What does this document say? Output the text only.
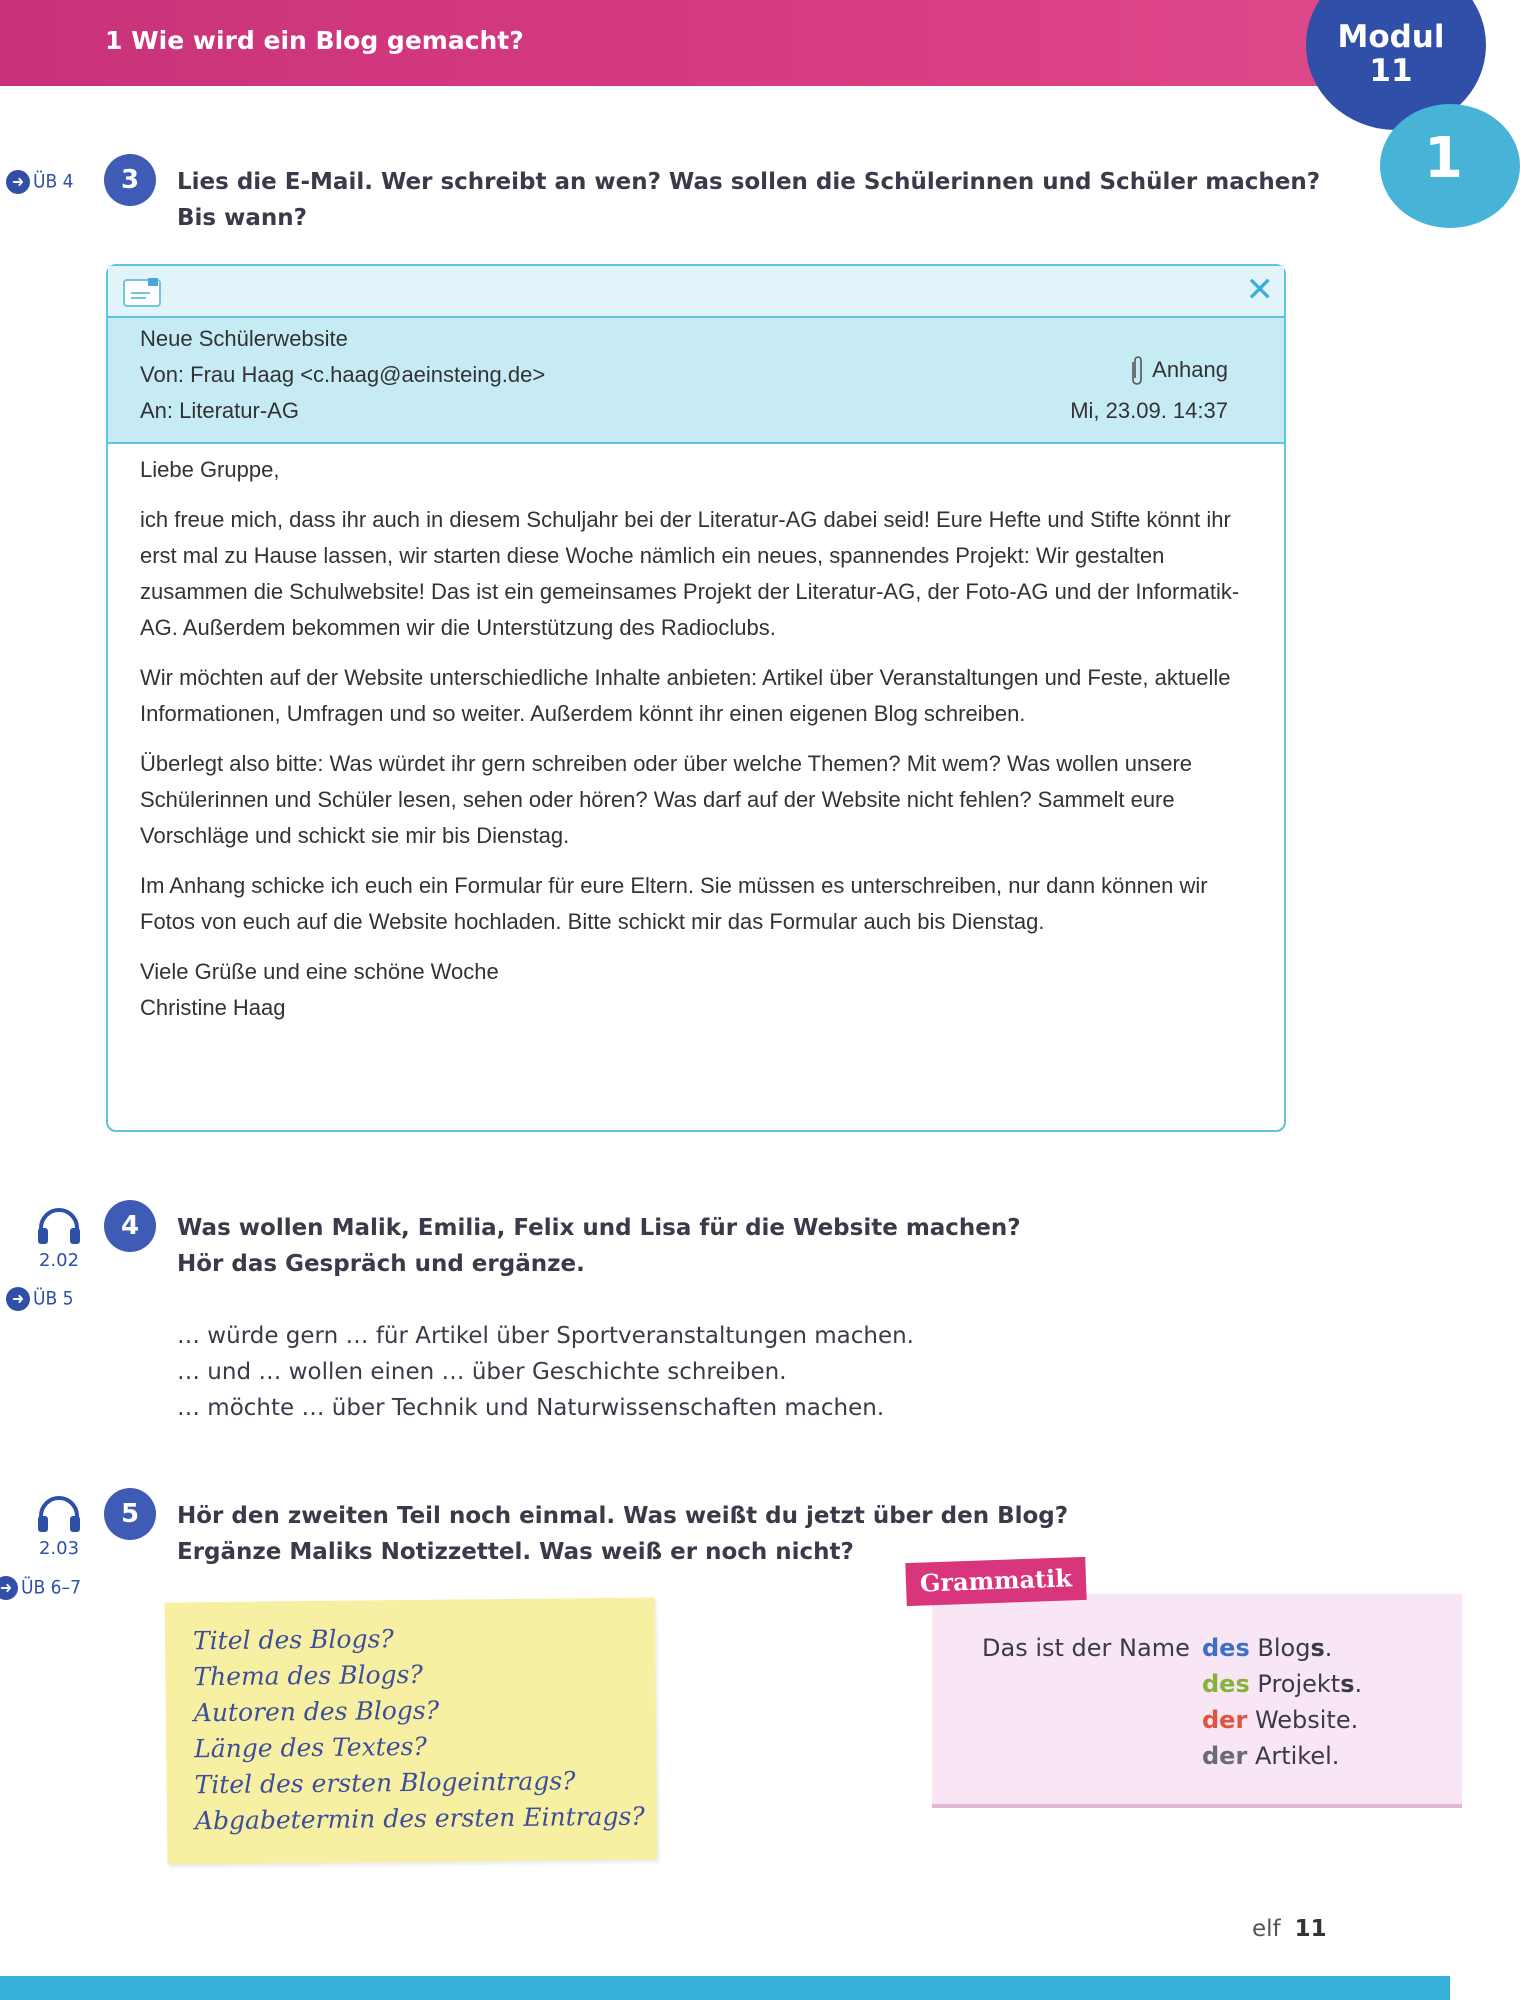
1 Wie wird ein Blog gemacht?	Modul
11
1
➜ ÜB 4	3	Lies die E-Mail. Wer schreibt an wen? Was sollen die Schülerinnen und Schüler machen?
Bis wann?
✕
Neue Schülerwebsite
Von: Frau Haag <c.haag@aeinsteing.de>
An: Literatur-AG
Anhang
Mi, 23.09. 14:37

Liebe Gruppe,

ich freue mich, dass ihr auch in diesem Schuljahr bei der Literatur-AG dabei seid! Eure Hefte und Stifte könnt ihr erst mal zu Hause lassen, wir starten diese Woche nämlich ein neues, spannendes Projekt: Wir gestalten zusammen die Schulwebsite! Das ist ein gemeinsames Projekt der Literatur-AG, der Foto-AG und der Informatik-AG. Außerdem bekommen wir die Unterstützung des Radioclubs.

Wir möchten auf der Website unterschiedliche Inhalte anbieten: Artikel über Veranstaltungen und Feste, aktuelle Informationen, Umfragen und so weiter. Außerdem könnt ihr einen eigenen Blog schreiben.

Überlegt also bitte: Was würdet ihr gern schreiben oder über welche Themen? Mit wem? Was wollen unsere Schülerinnen und Schüler lesen, sehen oder hören? Was darf auf der Website nicht fehlen? Sammelt eure Vorschläge und schickt sie mir bis Dienstag.

Im Anhang schicke ich euch ein Formular für eure Eltern. Sie müssen es unterschreiben, nur dann können wir Fotos von euch auf die Website hochladen. Bitte schickt mir das Formular auch bis Dienstag.

Viele Grüße und eine schöne Woche
Christine Haag
2.02
➜ ÜB 5
4	Was wollen Malik, Emilia, Felix und Lisa für die Website machen?
Hör das Gespräch und ergänze.
… würde gern … für Artikel über Sportveranstaltungen machen.
… und … wollen einen … über Geschichte schreiben.
… möchte … über Technik und Naturwissenschaften machen.
2.03
➜ ÜB 6–7
5	Hör den zweiten Teil noch einmal. Was weißt du jetzt über den Blog?
Ergänze Maliks Notizzettel. Was weiß er noch nicht?
Titel des Blogs?
Thema des Blogs?
Autoren des Blogs?
Länge des Textes?
Titel des ersten Blogeintrags?
Abgabetermin des ersten Eintrags?
Das ist der Name des Blogs.
des Projekts.
der Website.
der Artikel.
Grammatik
elf 11
